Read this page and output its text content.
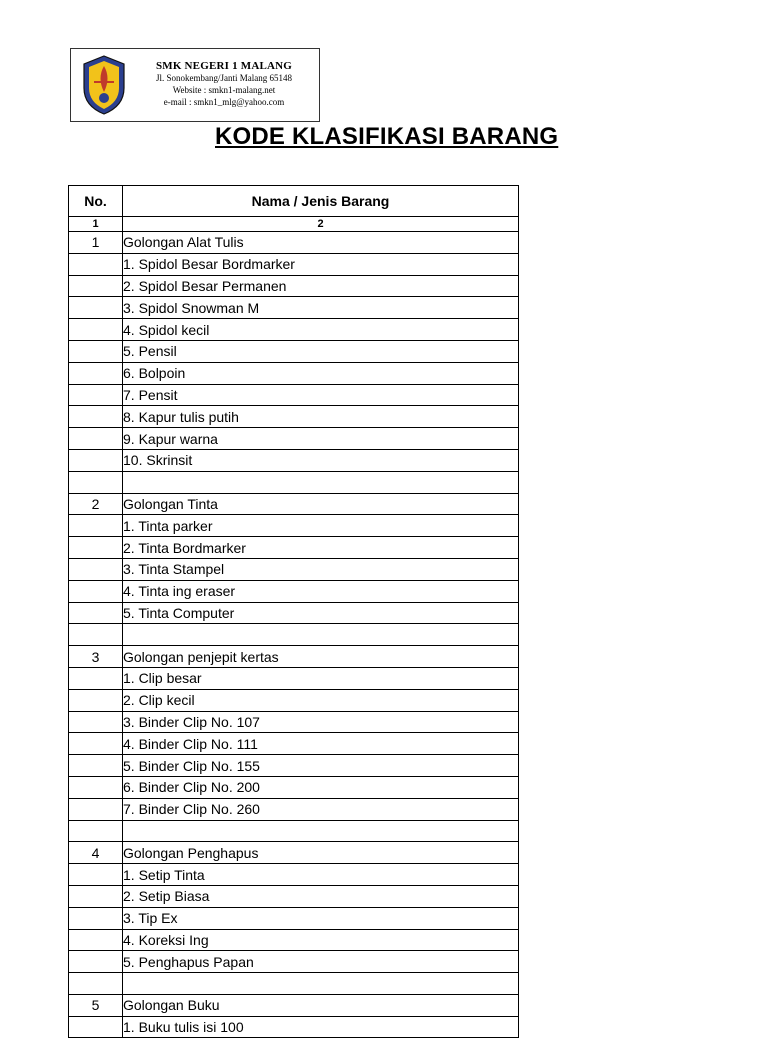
SMK NEGERI 1 MALANG
Jl. Sonokembang/Janti Malang 65148
Website : smkn1-malang.net
e-mail : smkn1_mlg@yahoo.com
KODE KLASIFIKASI BARANG
No.	Nama / Jenis Barang
1	2
1	Golongan Alat Tulis
	1. Spidol Besar Bordmarker
	2. Spidol Besar Permanen
	3. Spidol Snowman M
	4. Spidol kecil
	5. Pensil
	6. Bolpoin
	7. Pensit
	8. Kapur tulis putih
	9. Kapur warna
	10. Skrinsit

2	Golongan Tinta
	1. Tinta parker
	2. Tinta Bordmarker
	3. Tinta Stampel
	4. Tinta ing eraser
	5. Tinta Computer

3	Golongan penjepit kertas
	1. Clip besar
	2. Clip kecil
	3. Binder Clip No. 107
	4. Binder Clip No. 111
	5. Binder Clip No. 155
	6. Binder Clip No. 200
	7. Binder Clip No. 260

4	Golongan Penghapus
	1. Setip Tinta
	2. Setip Biasa
	3. Tip Ex
	4. Koreksi Ing
	5. Penghapus Papan

5	Golongan Buku
	1. Buku tulis isi 100
